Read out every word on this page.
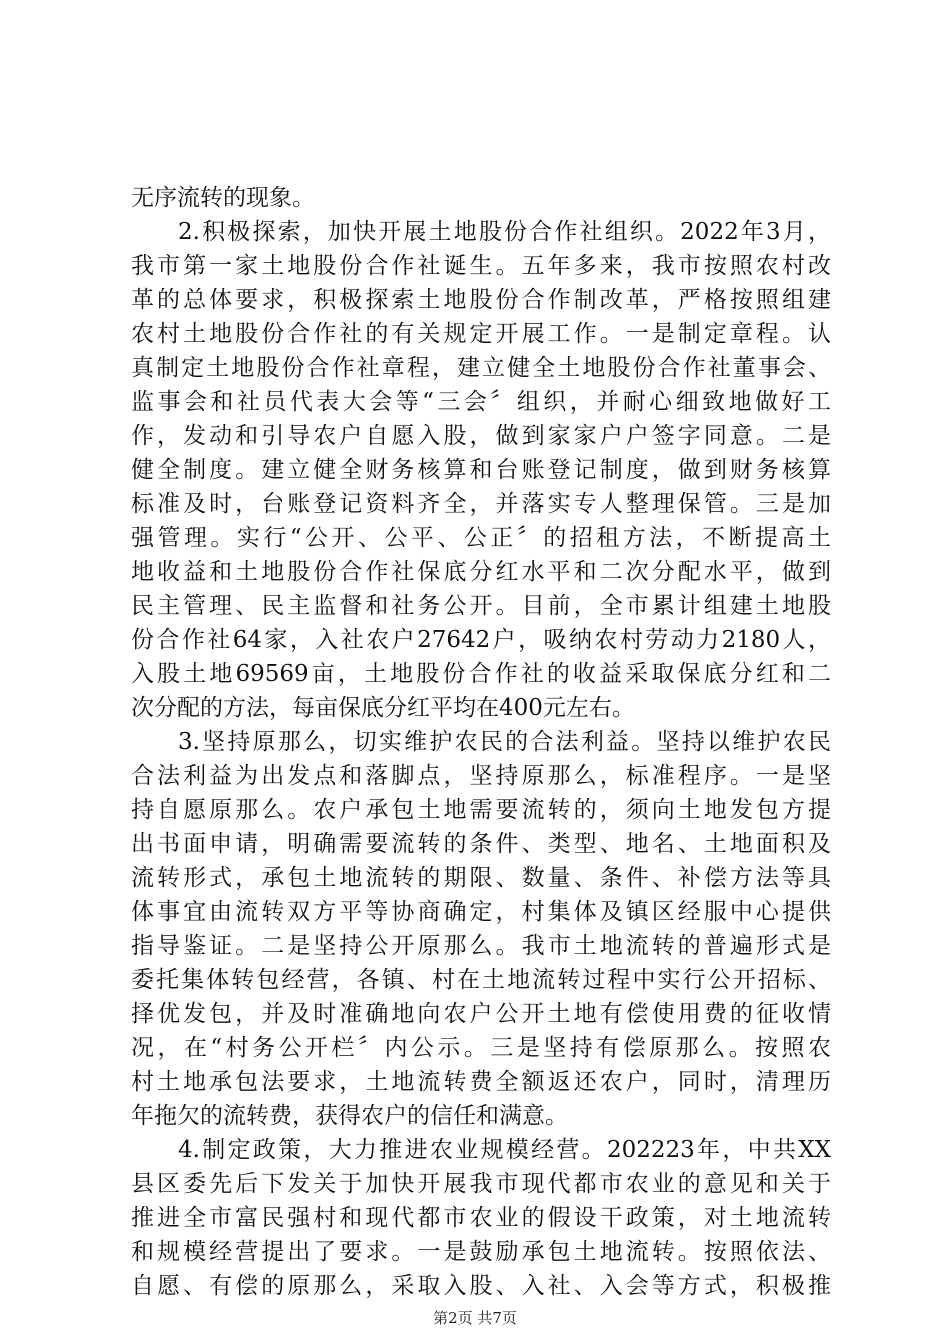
无序流转的现象。
2.积极探索，加快开展土地股份合作社组织。2022年3月，
我市第一家土地股份合作社诞生。五年多来，我市按照农村改
革的总体要求，积极探索土地股份合作制改革，严格按照组建
农村土地股份合作社的有关规定开展工作。一是制定章程。认
真制定土地股份合作社章程，建立健全土地股份合作社董事会、
监事会和社员代表大会等“三会〞组织，并耐心细致地做好工
作，发动和引导农户自愿入股，做到家家户户签字同意。二是
健全制度。建立健全财务核算和台账登记制度，做到财务核算
标准及时，台账登记资料齐全，并落实专人整理保管。三是加
强管理。实行“公开、公平、公正〞的招租方法，不断提高土
地收益和土地股份合作社保底分红水平和二次分配水平，做到
民主管理、民主监督和社务公开。目前，全市累计组建土地股
份合作社64家，入社农户27642户，吸纳农村劳动力2180人，
入股土地69569亩，土地股份合作社的收益采取保底分红和二
次分配的方法，每亩保底分红平均在400元左右。
3.坚持原那么，切实维护农民的合法利益。坚持以维护农民
合法利益为出发点和落脚点，坚持原那么，标准程序。一是坚
持自愿原那么。农户承包土地需要流转的，须向土地发包方提
出书面申请，明确需要流转的条件、类型、地名、土地面积及
流转形式，承包土地流转的期限、数量、条件、补偿方法等具
体事宜由流转双方平等协商确定，村集体及镇区经服中心提供
指导鉴证。二是坚持公开原那么。我市土地流转的普遍形式是
委托集体转包经营，各镇、村在土地流转过程中实行公开招标、
择优发包，并及时准确地向农户公开土地有偿使用费的征收情
况，在“村务公开栏〞内公示。三是坚持有偿原那么。按照农
村土地承包法要求，土地流转费全额返还农户，同时，清理历
年拖欠的流转费，获得农户的信任和满意。
4.制定政策，大力推进农业规模经营。202223年，中共XX
县区委先后下发关于加快开展我市现代都市农业的意见和关于
推进全市富民强村和现代都市农业的假设干政策，对土地流转
和规模经营提出了要求。一是鼓励承包土地流转。按照依法、
自愿、有偿的原那么，采取入股、入社、入会等方式，积极推
第2页 共7页
